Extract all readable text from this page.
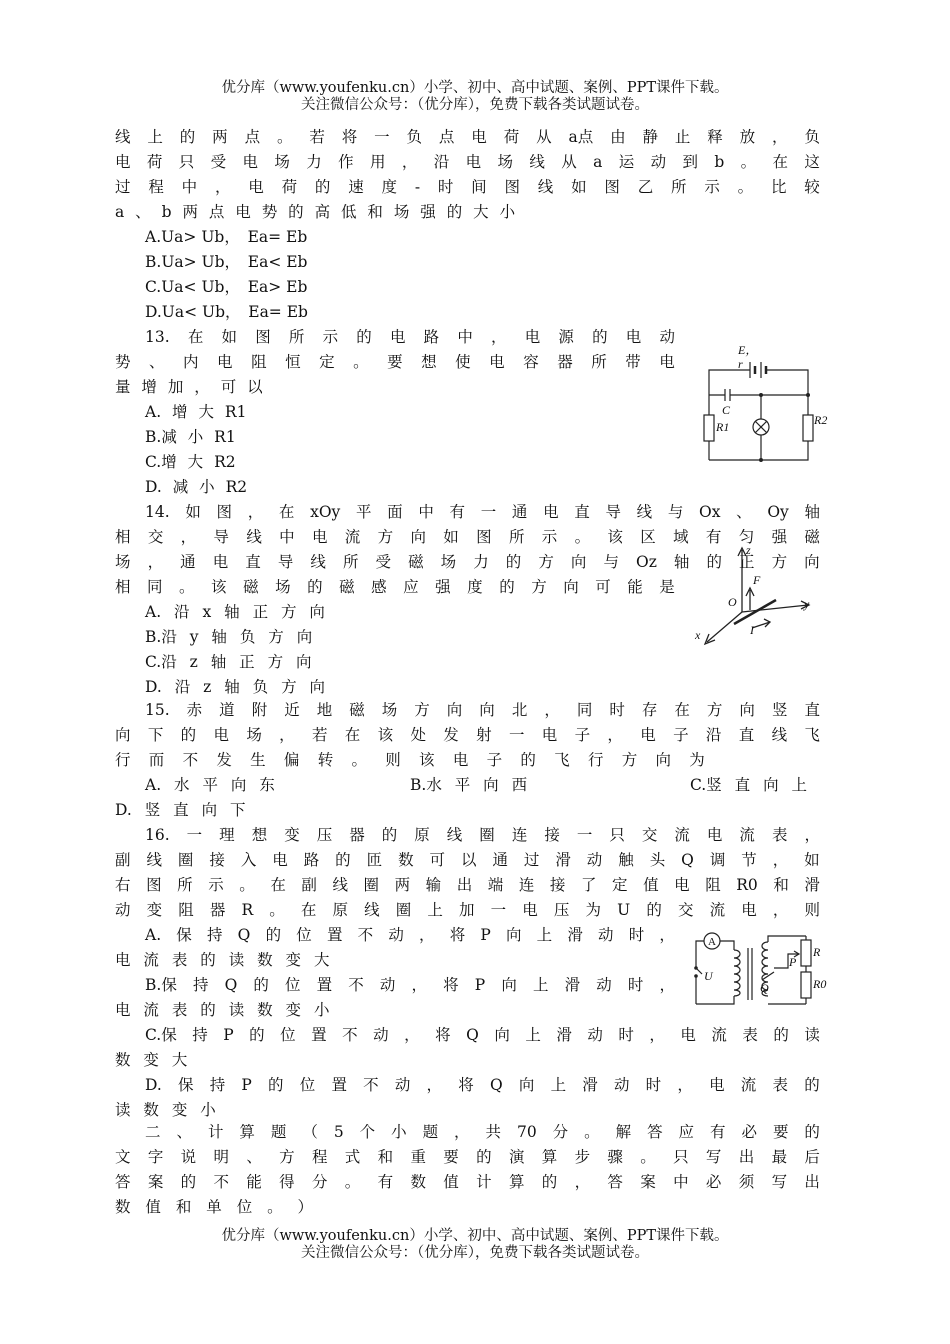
优分库（www.youfenku.cn）小学、初中、高中试题、案例、PPT课件下载。
关注微信公众号：（优分库），免费下载各类试题试卷。
线 上 的 两 点 。 若 将 一 负 点 电 荷 从 a点 由 静 止 释 放 ， 负
电 荷 只 受 电 场 力 作 用 ， 沿 电 场 线 从 a 运 动 到 b 。 在 这
过 程 中 ， 电 荷 的 速 度 - 时 间 图 线 如 图 乙 所 示 。 比 较
a 、 b 两 点 电 势 的 高 低 和 场 强 的 大 小
A.Ua> Ub，　Ea= Eb
B.Ua> Ub，　Ea< Eb
C.Ua< Ub，　Ea> Eb
D.Ua< Ub，　Ea= Eb
13. 在 如 图 所 示 的 电 路 中 ， 电 源 的 电 动
势 、 内 电 阻 恒 定 。 要 想 使 电 容 器 所 带 电
量 增 加 ， 可 以
A. 增 大 R1
B.减 小 R1
C.增 大 R2
D. 减 小 R2
E，
r
C
R1	R2
14. 如 图 ， 在 xOy 平 面 中 有 一 通 电 直 导 线 与 Ox 、 Oy 轴
相 交 ， 导 线 中 电 流 方 向 如 图 所 示 。 该 区 域 有 匀 强 磁
场 ， 通 电 直 导 线 所 受 磁 场 力 的 方 向 与 Oz 轴 的 正 方 向
相 同 。 该 磁 场 的 磁 感 应 强 度 的 方 向 可 能 是
A. 沿 x 轴 正 方 向
B.沿 y 轴 负 方 向
C.沿 z 轴 正 方 向
D. 沿 z 轴 负 方 向
z
F
O	y
x	I
15. 赤 道 附 近 地 磁 场 方 向 向 北 ， 同 时 存 在 方 向 竖 直
向 下 的 电 场 ， 若 在 该 处 发 射 一 电 子 ， 电 子 沿 直 线 飞
行 而 不 发 生 偏 转 。 则 该 电 子 的 飞 行 方 向 为
A. 水 平 向 东	B.水 平 向 西	C.竖 直 向 上
D. 竖 直 向 下
16. 一 理 想 变 压 器 的 原 线 圈 连 接 一 只 交 流 电 流 表 ，
副 线 圈 接 入 电 路 的 匝 数 可 以 通 过 滑 动 触 头 Q 调 节 ， 如
右 图 所 示 。 在 副 线 圈 两 输 出 端 连 接 了 定 值 电 阻 R0 和 滑
动 变 阻 器 R 。 在 原 线 圈 上 加 一 电 压 为 U 的 交 流 电 ， 则
A. 保 持 Q 的 位 置 不 动 ， 将 P 向 上 滑 动 时 ，
电 流 表 的 读 数 变 大
B.保 持 Q 的 位 置 不 动 ， 将 P 向 上 滑 动 时 ，
电 流 表 的 读 数 变 小
C.保 持 P 的 位 置 不 动 ， 将 Q 向 上 滑 动 时 ， 电 流 表 的 读
数 变 大
D. 保 持 P 的 位 置 不 动 ， 将 Q 向 上 滑 动 时 ， 电 流 表 的
读 数 变 小
A
U
Q
P
R
R0
二 、 计 算 题 （ 5 个 小 题 ， 共 70 分 。 解 答 应 有 必 要 的
文 字 说 明 、 方 程 式 和 重 要 的 演 算 步 骤 。 只 写 出 最 后
答 案 的 不 能 得 分 。 有 数 值 计 算 的 ， 答 案 中 必 须 写 出
数 值 和 单 位 。 ）
优分库（www.youfenku.cn）小学、初中、高中试题、案例、PPT课件下载。
关注微信公众号：（优分库），免费下载各类试题试卷。
